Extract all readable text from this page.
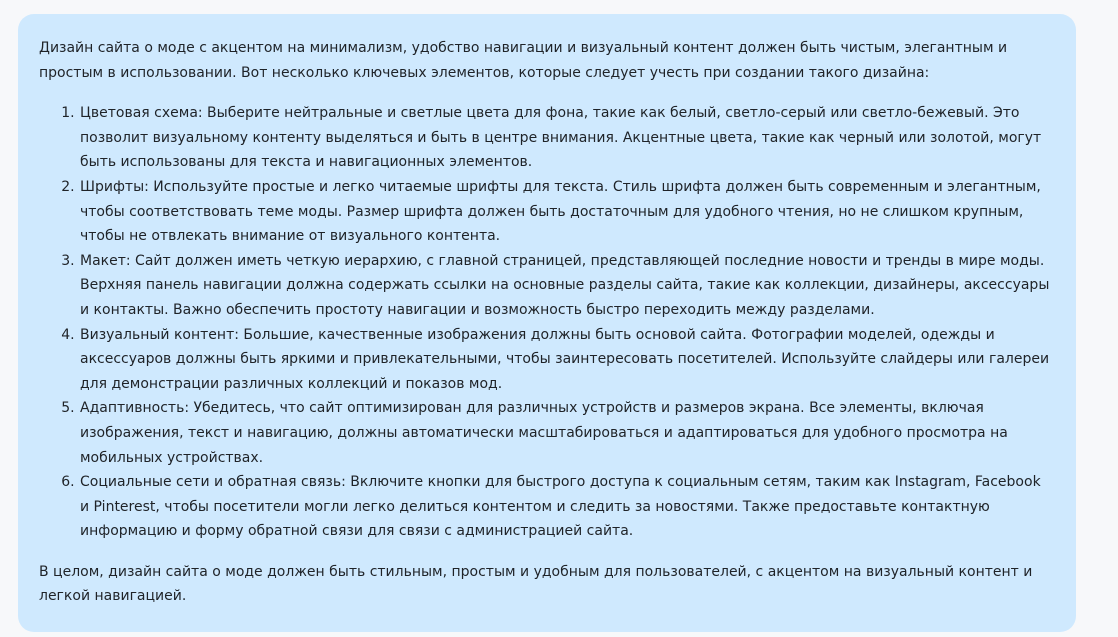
Дизайн сайта о моде с акцентом на минимализм, удобство навигации и визуальный контент должен быть чистым, элегантным и простым в использовании. Вот несколько ключевых элементов, которые следует учесть при создании такого дизайна:

1. Цветовая схема: Выберите нейтральные и светлые цвета для фона, такие как белый, светло-серый или светло-бежевый. Это позволит визуальному контенту выделяться и быть в центре внимания. Акцентные цвета, такие как черный или золотой, могут быть использованы для текста и навигационных элементов.
2. Шрифты: Используйте простые и легко читаемые шрифты для текста. Стиль шрифта должен быть современным и элегантным, чтобы соответствовать теме моды. Размер шрифта должен быть достаточным для удобного чтения, но не слишком крупным, чтобы не отвлекать внимание от визуального контента.
3. Макет: Сайт должен иметь четкую иерархию, с главной страницей, представляющей последние новости и тренды в мире моды. Верхняя панель навигации должна содержать ссылки на основные разделы сайта, такие как коллекции, дизайнеры, аксессуары и контакты. Важно обеспечить простоту навигации и возможность быстро переходить между разделами.
4. Визуальный контент: Большие, качественные изображения должны быть основой сайта. Фотографии моделей, одежды и аксессуаров должны быть яркими и привлекательными, чтобы заинтересовать посетителей. Используйте слайдеры или галереи для демонстрации различных коллекций и показов мод.
5. Адаптивность: Убедитесь, что сайт оптимизирован для различных устройств и размеров экрана. Все элементы, включая изображения, текст и навигацию, должны автоматически масштабироваться и адаптироваться для удобного просмотра на мобильных устройствах.
6. Социальные сети и обратная связь: Включите кнопки для быстрого доступа к социальным сетям, таким как Instagram, Facebook и Pinterest, чтобы посетители могли легко делиться контентом и следить за новостями. Также предоставьте контактную информацию и форму обратной связи для связи с администрацией сайта.

В целом, дизайн сайта о моде должен быть стильным, простым и удобным для пользователей, с акцентом на визуальный контент и легкой навигацией.
